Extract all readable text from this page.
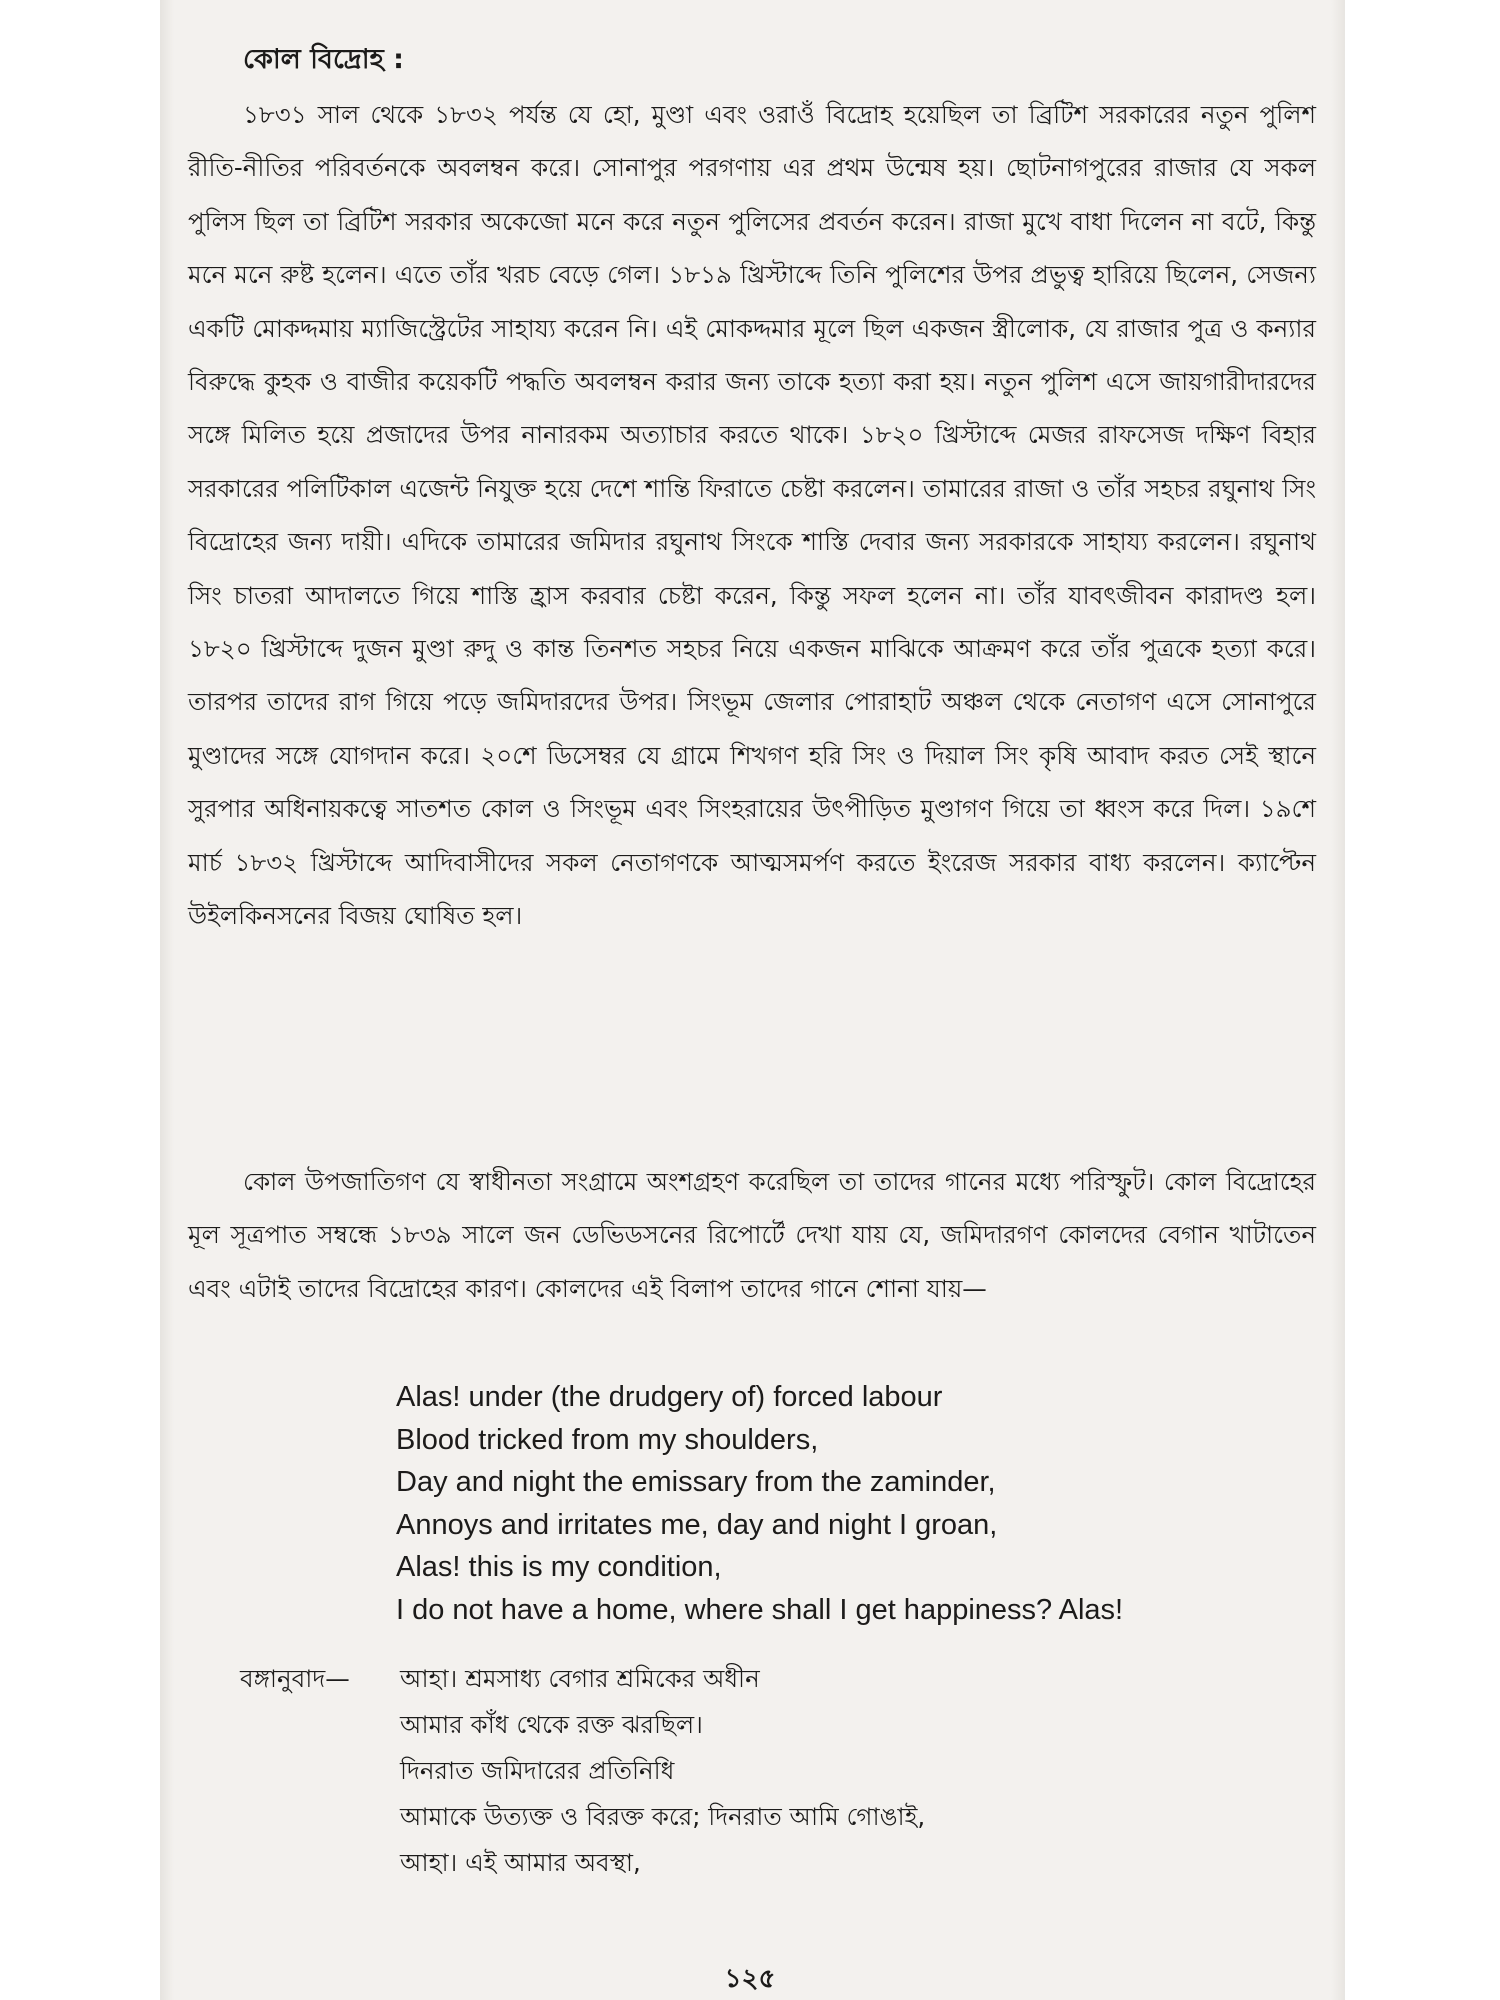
কোল বিদ্রোহ :

১৮৩১ সাল থেকে ১৮৩২ পর্যন্ত যে হো, মুণ্ডা এবং ওরাওঁ বিদ্রোহ হয়েছিল তা ব্রিটিশ সরকারের নতুন পুলিশ রীতি-নীতির পরিবর্তনকে অবলম্বন করে। সোনাপুর পরগণায় এর প্রথম উন্মেষ হয়। ছোটনাগপুরের রাজার যে সকল পুলিস ছিল তা ব্রিটিশ সরকার অকেজো মনে করে নতুন পুলিসের প্রবর্তন করেন। রাজা মুখে বাধা দিলেন না বটে, কিন্তু মনে মনে রুষ্ট হলেন। এতে তাঁর খরচ বেড়ে গেল। ১৮১৯ খ্রিস্টাব্দে তিনি পুলিশের উপর প্রভুত্ব হারিয়ে ছিলেন, সেজন্য একটি মোকদ্দমায় ম্যাজিস্ট্রেটের সাহায্য করেন নি। এই মোকদ্দমার মূলে ছিল একজন স্ত্রীলোক, যে রাজার পুত্র ও কন্যার বিরুদ্ধে কুহক ও বাজীর কয়েকটি পদ্ধতি অবলম্বন করার জন্য তাকে হত্যা করা হয়। নতুন পুলিশ এসে জায়গারীদারদের সঙ্গে মিলিত হয়ে প্রজাদের উপর নানারকম অত্যাচার করতে থাকে। ১৮২০ খ্রিস্টাব্দে মেজর রাফসেজ দক্ষিণ বিহার সরকারের পলিটিকাল এজেন্ট নিযুক্ত হয়ে দেশে শান্তি ফিরাতে চেষ্টা করলেন। তামারের রাজা ও তাঁর সহচর রঘুনাথ সিং বিদ্রোহের জন্য দায়ী। এদিকে তামারের জমিদার রঘুনাথ সিংকে শাস্তি দেবার জন্য সরকারকে সাহায্য করলেন। রঘুনাথ সিং চাতরা আদালতে গিয়ে শাস্তি হ্রাস করবার চেষ্টা করেন, কিন্তু সফল হলেন না। তাঁর যাবৎজীবন কারাদণ্ড হল। ১৮২০ খ্রিস্টাব্দে দুজন মুণ্ডা রুদু ও কান্ত তিনশত সহচর নিয়ে একজন মাঝিকে আক্রমণ করে তাঁর পুত্রকে হত্যা করে। তারপর তাদের রাগ গিয়ে পড়ে জমিদারদের উপর। সিংভূম জেলার পোরাহাট অঞ্চল থেকে নেতাগণ এসে সোনাপুরে মুণ্ডাদের সঙ্গে যোগদান করে। ২০শে ডিসেম্বর যে গ্রামে শিখগণ হরি সিং ও দিয়াল সিং কৃষি আবাদ করত সেই স্থানে সুরপার অধিনায়কত্বে সাতশত কোল ও সিংভূম এবং সিংহরায়ের উৎপীড়িত মুণ্ডাগণ গিয়ে তা ধ্বংস করে দিল। ১৯শে মার্চ ১৮৩২ খ্রিস্টাব্দে আদিবাসীদের সকল নেতাগণকে আত্মসমর্পণ করতে ইংরেজ সরকার বাধ্য করলেন। ক্যাপ্টেন উইলকিনসনের বিজয় ঘোষিত হল।

কোল উপজাতিগণ যে স্বাধীনতা সংগ্রামে অংশগ্রহণ করেছিল তা তাদের গানের মধ্যে পরিস্ফুট। কোল বিদ্রোহের মূল সূত্রপাত সম্বন্ধে ১৮৩৯ সালে জন ডেভিডসনের রিপোর্টে দেখা যায় যে, জমিদারগণ কোলদের বেগান খাটাতেন এবং এটাই তাদের বিদ্রোহের কারণ। কোলদের এই বিলাপ তাদের গানে শোনা যায়—

Alas! under (the drudgery of) forced labour
Blood tricked from my shoulders,
Day and night the emissary from the zaminder,
Annoys and irritates me, day and night I groan,
Alas! this is my condition,
I do not have a home, where shall I get happiness? Alas!
বঙ্গানুবাদ— আহা। শ্রমসাধ্য বেগার শ্রমিকের অধীন
আমার কাঁধ থেকে রক্ত ঝরছিল।
দিনরাত জমিদারের প্রতিনিধি
আমাকে উত্যক্ত ও বিরক্ত করে; দিনরাত আমি গোঙাই,
আহা। এই আমার অবস্থা,
১২৫
